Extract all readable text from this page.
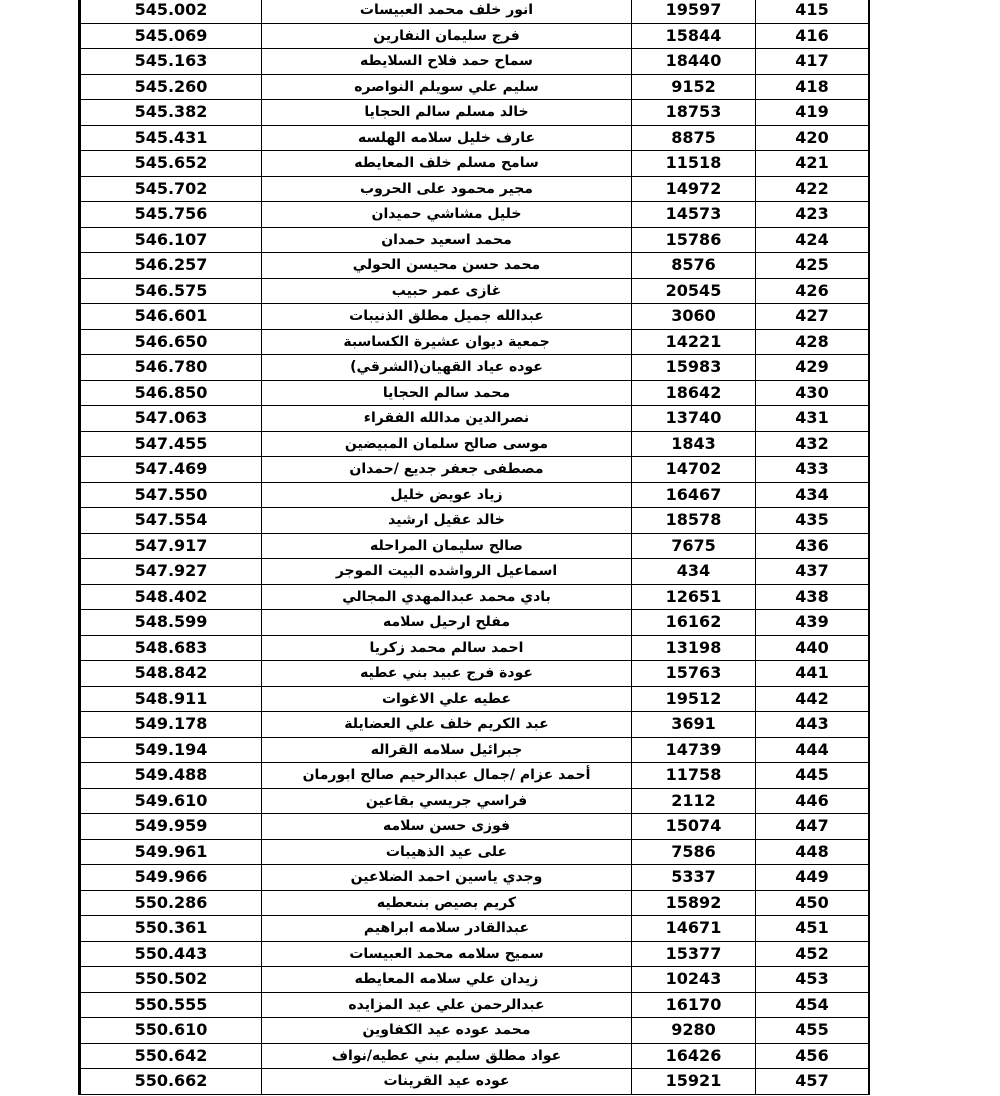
545.002	انور خلف محمد العبيسات	19597	415
545.069	فرج سليمان النفارين	15844	416
545.163	سماح حمد فلاح السلايطه	18440	417
545.260	سليم علي سويلم النواصره	9152	418
545.382	خالد مسلم سالم الحجايا	18753	419
545.431	عارف خليل سلامه الهلسه	8875	420
545.652	سامح مسلم خلف المعايطه	11518	421
545.702	مجير محمود على الحروب	14972	422
545.756	خليل مشاشي حميدان	14573	423
546.107	محمد اسعيد حمدان	15786	424
546.257	محمد حسن محيسن الحولي	8576	425
546.575	غازى عمر حبيب	20545	426
546.601	عبدالله جميل مطلق الذنيبات	3060	427
546.650	جمعية ديوان عشيرة الكساسبة	14221	428
546.780	عوده عياد القهيان(الشرقي)	15983	429
546.850	محمد سالم الحجايا	18642	430
547.063	نصرالدين مدالله الفقراء	13740	431
547.455	موسى صالح سلمان المبيضين	1843	432
547.469	مصطفى جعفر جديع /حمدان	14702	433
547.550	زياد عويض خليل	16467	434
547.554	خالد عقيل ارشيد	18578	435
547.917	صالح سليمان المراحله	7675	436
547.927	اسماعيل الرواشده البيت الموجر	434	437
548.402	بادي محمد عبدالمهدي المجالي	12651	438
548.599	مفلح ارحيل سلامه	16162	439
548.683	احمد سالم محمد زكريا	13198	440
548.842	عودة فرج عبيد بني عطيه	15763	441
548.911	عطيه علي الاغوات	19512	442
549.178	عبد الكريم خلف علي العضايلة	3691	443
549.194	جبرائيل سلامه القراله	14739	444
549.488	أحمد عزام /جمال عبدالرحيم صالح ابورمان	11758	445
549.610	فراسي جريسي بقاعين	2112	446
549.959	فوزى حسن سلامه	15074	447
549.961	على عيد الذهيبات	7586	448
549.966	وجدي ياسين احمد الضلاعين	5337	449
550.286	كريم بصيص بنىعطيه	15892	450
550.361	عبدالقادر سلامه ابراهيم	14671	451
550.443	سميح سلامه محمد العبيسات	15377	452
550.502	زيدان علي سلامه المعايطه	10243	453
550.555	عبدالرحمن علي عيد المزايده	16170	454
550.610	محمد عوده عيد الكفاوين	9280	455
550.642	عواد مطلق سليم بني عطيه/نواف	16426	456
550.662	عوده عيد القرينات	15921	457
